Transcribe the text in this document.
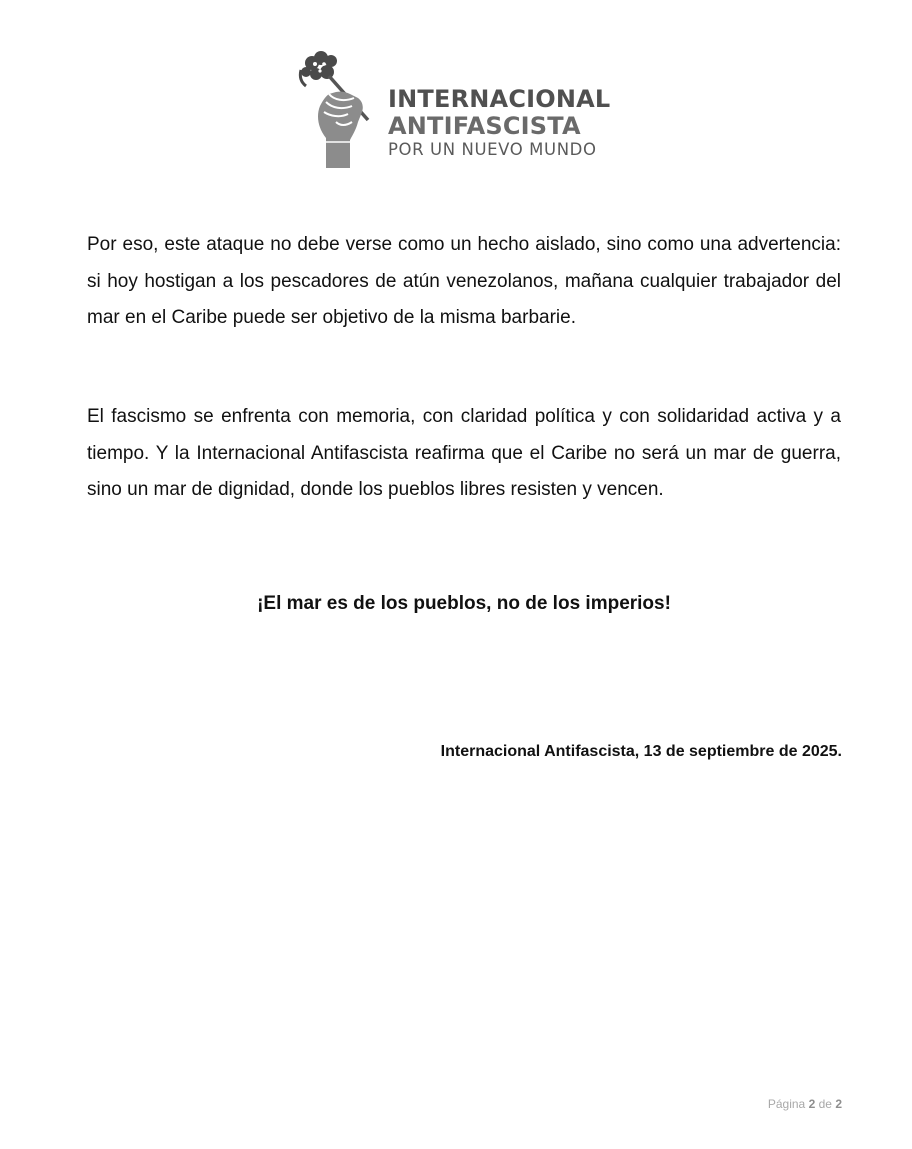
INTERNACIONAL
ANTIFASCISTA
POR UN NUEVO MUNDO

Por eso, este ataque no debe verse como un hecho aislado, sino como una advertencia: si hoy hostigan a los pescadores de atún venezolanos, mañana cualquier trabajador del mar en el Caribe puede ser objetivo de la misma barbarie.

El fascismo se enfrenta con memoria, con claridad política y con solidaridad activa y a tiempo. Y la Internacional Antifascista reafirma que el Caribe no será un mar de guerra, sino un mar de dignidad, donde los pueblos libres resisten y vencen.

¡El mar es de los pueblos, no de los imperios!

Internacional Antifascista, 13 de septiembre de 2025.

Página 2 de 2
